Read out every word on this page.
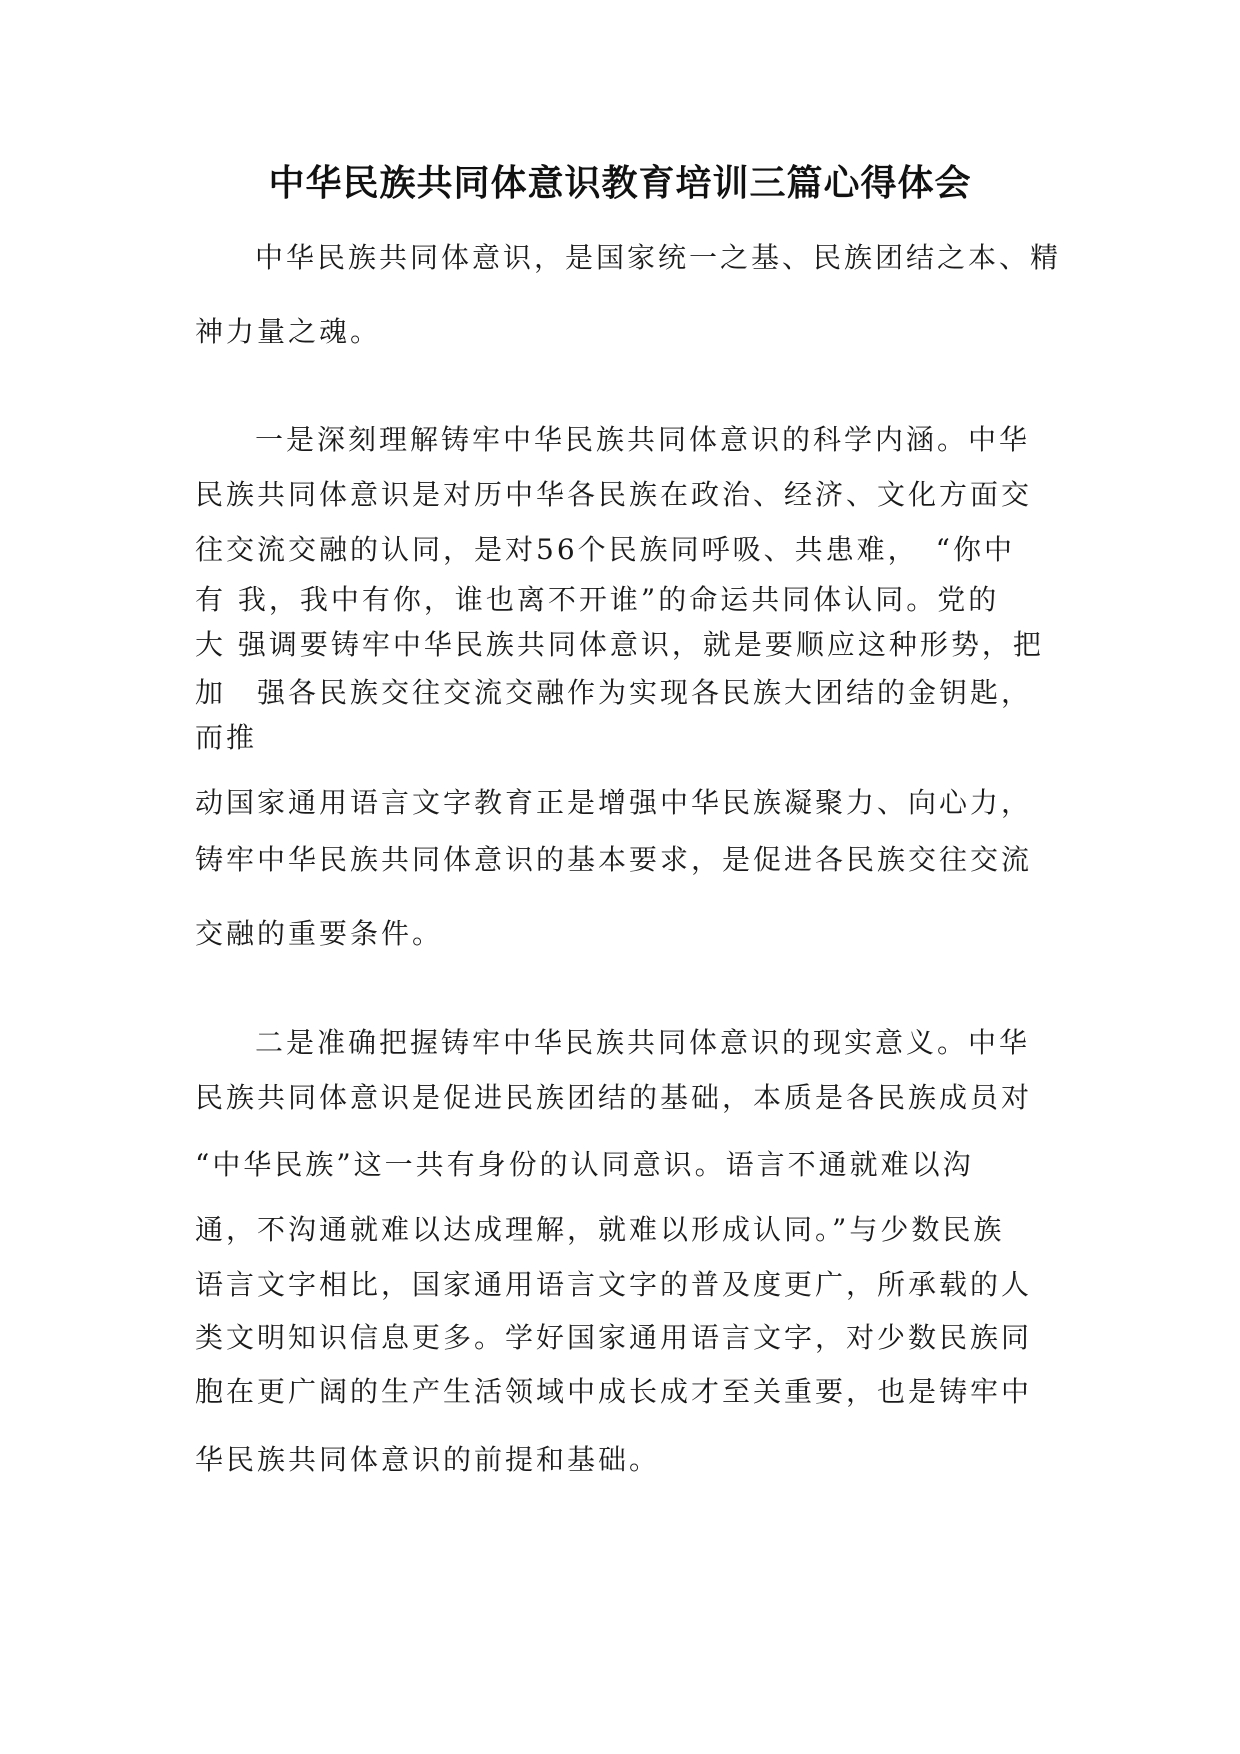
中华民族共同体意识教育培训三篇心得体会
中华民族共同体意识，是国家统一之基、民族团结之本、精
神力量之魂。
一是深刻理解铸牢中华民族共同体意识的科学内涵。中华
民族共同体意识是对历中华各民族在政治、经济、文化方面交
往交流交融的认同，是对56个民族同呼吸、共患难，　“你中
有 我，我中有你，谁也离不开谁”的命运共同体认同。党的
大 强调要铸牢中华民族共同体意识，就是要顺应这种形势，把
加　强各民族交往交流交融作为实现各民族大团结的金钥匙，
而推
动国家通用语言文字教育正是增强中华民族凝聚力、向心力，
铸牢中华民族共同体意识的基本要求，是促进各民族交往交流
交融的重要条件。
二是准确把握铸牢中华民族共同体意识的现实意义。中华
民族共同体意识是促进民族团结的基础，本质是各民族成员对
“中华民族”这一共有身份的认同意识。语言不通就难以沟
通，不沟通就难以达成理解，就难以形成认同。”与少数民族
语言文字相比，国家通用语言文字的普及度更广，所承载的人
类文明知识信息更多。学好国家通用语言文字，对少数民族同
胞在更广阔的生产生活领域中成长成才至关重要，也是铸牢中
华民族共同体意识的前提和基础。
